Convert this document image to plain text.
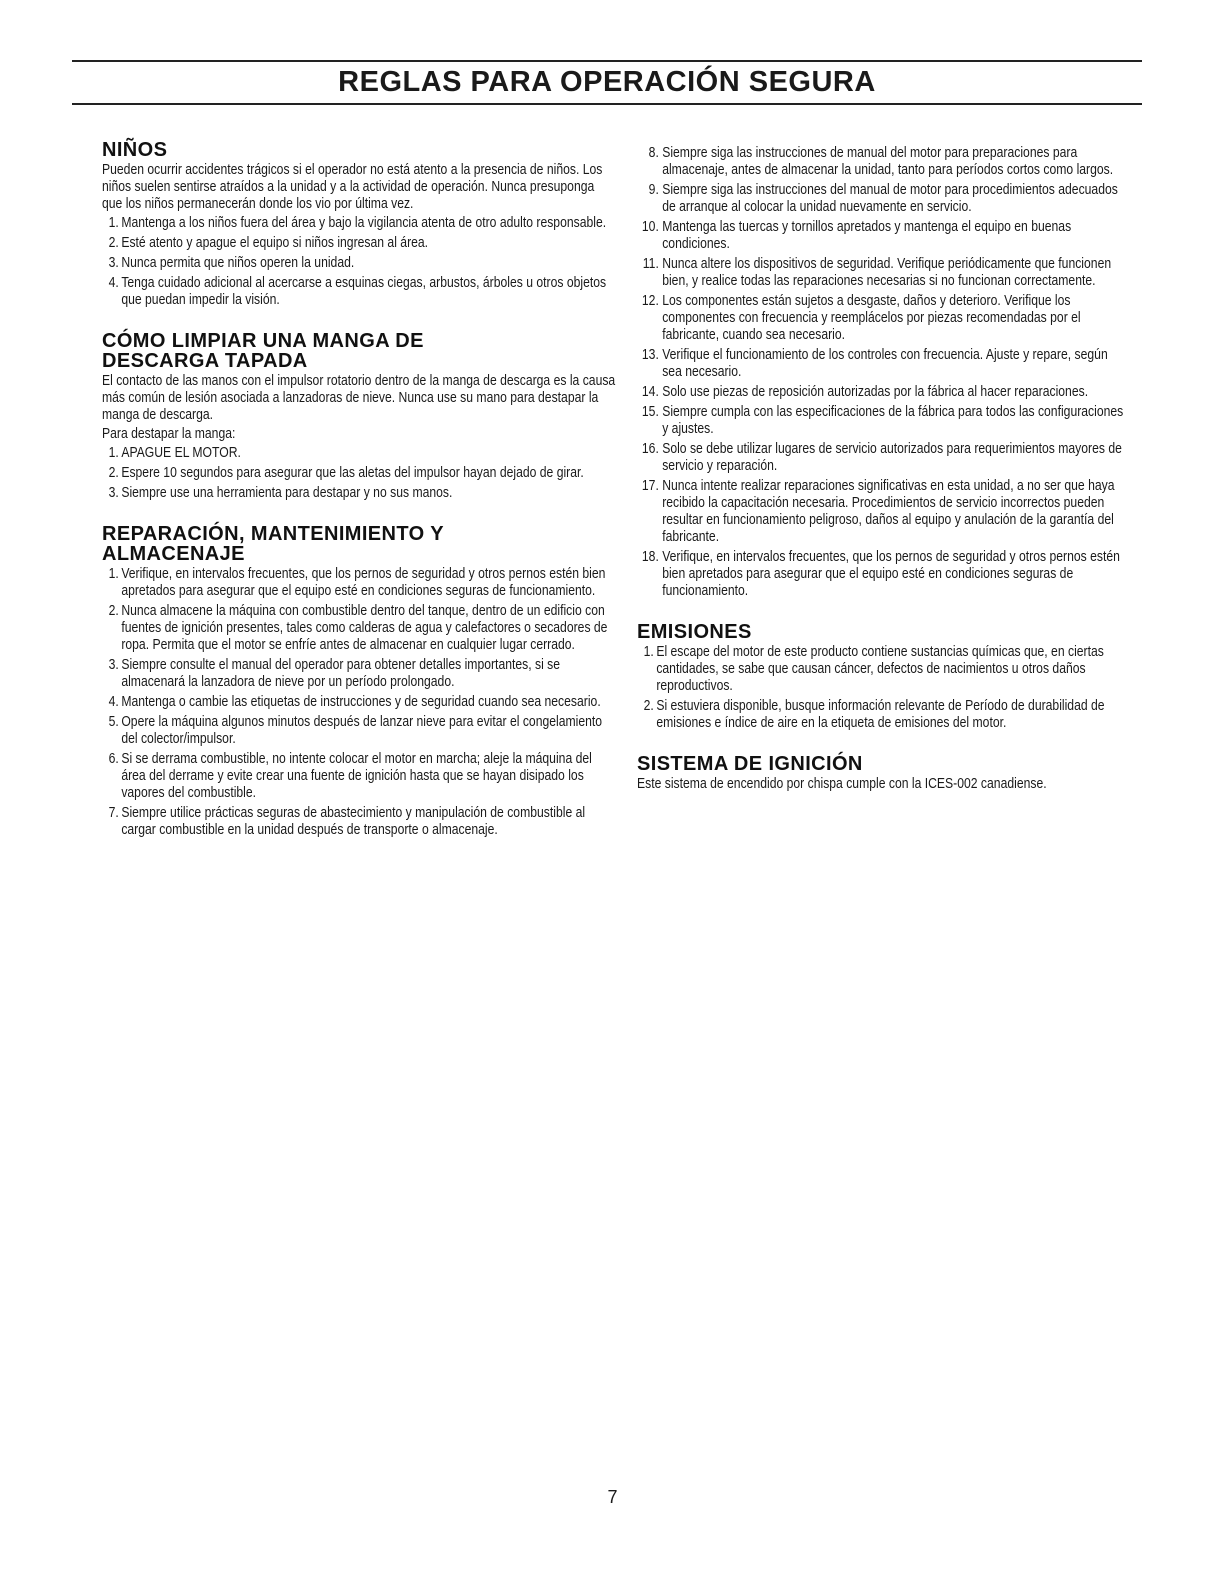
REGLAS PARA OPERACIÓN SEGURA
NIÑOS

Pueden ocurrir accidentes trágicos si el operador no está atento a la presencia de niños. Los niños suelen sentirse atraídos a la unidad y a la actividad de operación. Nunca presuponga que los niños permanecerán donde los vio por última vez.

1. Mantenga a los niños fuera del área y bajo la vigilancia atenta de otro adulto responsable.
2. Esté atento y apague el equipo si niños ingresan al área.
3. Nunca permita que niños operen la unidad.
4. Tenga cuidado adicional al acercarse a esquinas ciegas, arbustos, árboles u otros objetos que puedan impedir la visión.
CÓMO LIMPIAR UNA MANGA DE
DESCARGA TAPADA

El contacto de las manos con el impulsor rotatorio dentro de la manga de descarga es la causa más común de lesión asociada a lanzadoras de nieve. Nunca use su mano para destapar la manga de descarga.

Para destapar la manga:

1. APAGUE EL MOTOR.
2. Espere 10 segundos para asegurar que las aletas del impulsor hayan dejado de girar.
3. Siempre use una herramienta para destapar y no sus manos.
REPARACIÓN, MANTENIMIENTO Y
ALMACENAJE
1. Verifique, en intervalos frecuentes, que los pernos de seguridad y otros pernos estén bien apretados para asegurar que el equipo esté en condiciones seguras de funcionamiento.
2. Nunca almacene la máquina con combustible dentro del tanque, dentro de un edificio con fuentes de ignición presentes, tales como calderas de agua y calefactores o secadores de ropa. Permita que el motor se enfríe antes de almacenar en cualquier lugar cerrado.
3. Siempre consulte el manual del operador para obtener detalles importantes, si se almacenará la lanzadora de nieve por un período prolongado.
4. Mantenga o cambie las etiquetas de instrucciones y de seguridad cuando sea necesario.
5. Opere la máquina algunos minutos después de lanzar nieve para evitar el congelamiento del colector/impulsor.
6. Si se derrama combustible, no intente colocar el motor en marcha; aleje la máquina del área del derrame y evite crear una fuente de ignición hasta que se hayan disipado los vapores del combustible.
7. Siempre utilice prácticas seguras de abastecimiento y manipulación de combustible al cargar combustible en la unidad después de transporte o almacenaje.
8. Siempre siga las instrucciones de manual del motor para preparaciones para almacenaje, antes de almacenar la unidad, tanto para períodos cortos como largos.
9. Siempre siga las instrucciones del manual de motor para procedimientos adecuados de arranque al colocar la unidad nuevamente en servicio.
10. Mantenga las tuercas y tornillos apretados y mantenga el equipo en buenas condiciones.
11. Nunca altere los dispositivos de seguridad. Verifique periódicamente que funcionen bien, y realice todas las reparaciones necesarias si no funcionan correctamente.
12. Los componentes están sujetos a desgaste, daños y deterioro. Verifique los componentes con frecuencia y reemplácelos por piezas recomendadas por el fabricante, cuando sea necesario.
13. Verifique el funcionamiento de los controles con frecuencia. Ajuste y repare, según sea necesario.
14. Solo use piezas de reposición autorizadas por la fábrica al hacer reparaciones.
15. Siempre cumpla con las especificaciones de la fábrica para todos las configuraciones y ajustes.
16. Solo se debe utilizar lugares de servicio autorizados para requerimientos mayores de servicio y reparación.
17. Nunca intente realizar reparaciones significativas en esta unidad, a no ser que haya recibido la capacitación necesaria. Procedimientos de servicio incorrectos pueden resultar en funcionamiento peligroso, daños al equipo y anulación de la garantía del fabricante.
18. Verifique, en intervalos frecuentes, que los pernos de seguridad y otros pernos estén bien apretados para asegurar que el equipo esté en condiciones seguras de funcionamiento.
EMISIONES
1. El escape del motor de este producto contiene sustancias químicas que, en ciertas cantidades, se sabe que causan cáncer, defectos de nacimientos u otros daños reproductivos.
2. Si estuviera disponible, busque información relevante de Período de durabilidad de emisiones e índice de aire en la etiqueta de emisiones del motor.
SISTEMA DE IGNICIÓN

Este sistema de encendido por chispa cumple con la ICES-002 canadiense.

7
